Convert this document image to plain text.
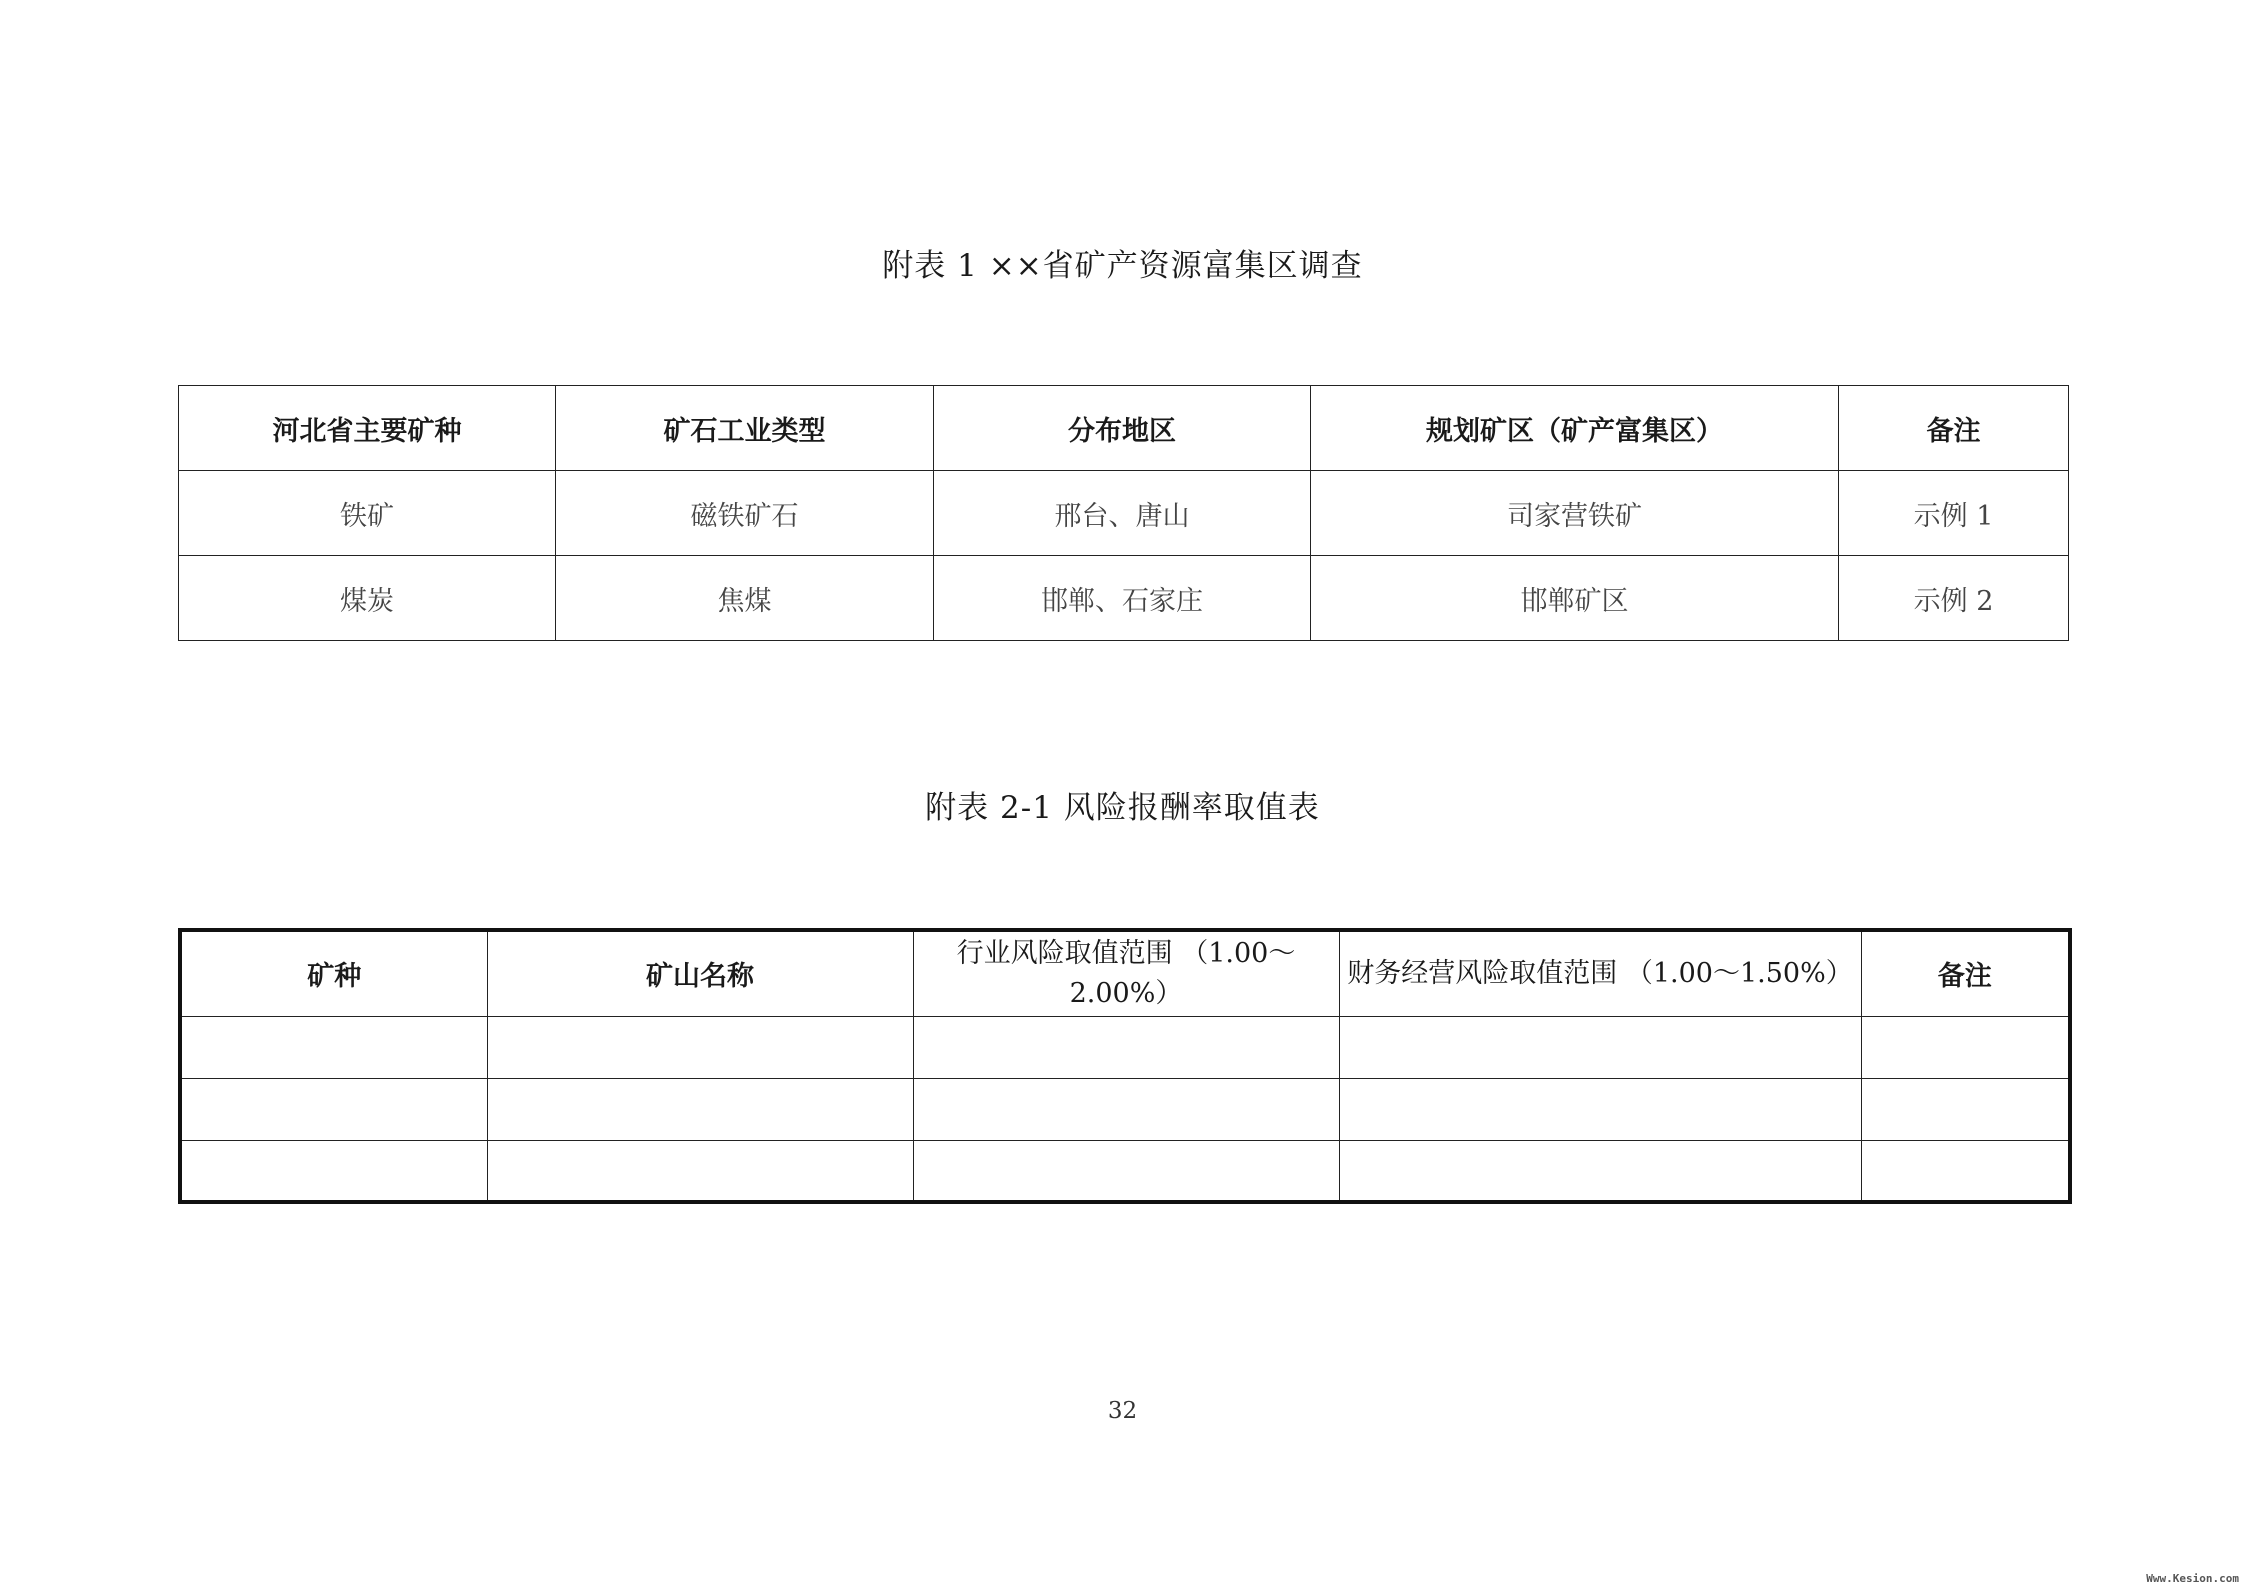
附表 1 ××省矿产资源富集区调查
河北省主要矿种	矿石工业类型	分布地区	规划矿区（矿产富集区）	备注
铁矿	磁铁矿石	邢台、唐山	司家营铁矿	示例 1
煤炭	焦煤	邯郸、石家庄	邯郸矿区	示例 2
附表 2-1 风险报酬率取值表
矿种	矿山名称	行业风险取值范围 （1.00～2.00%）	财务经营风险取值范围 （1.00～1.50%）	备注

32
Www.Kesion.com
